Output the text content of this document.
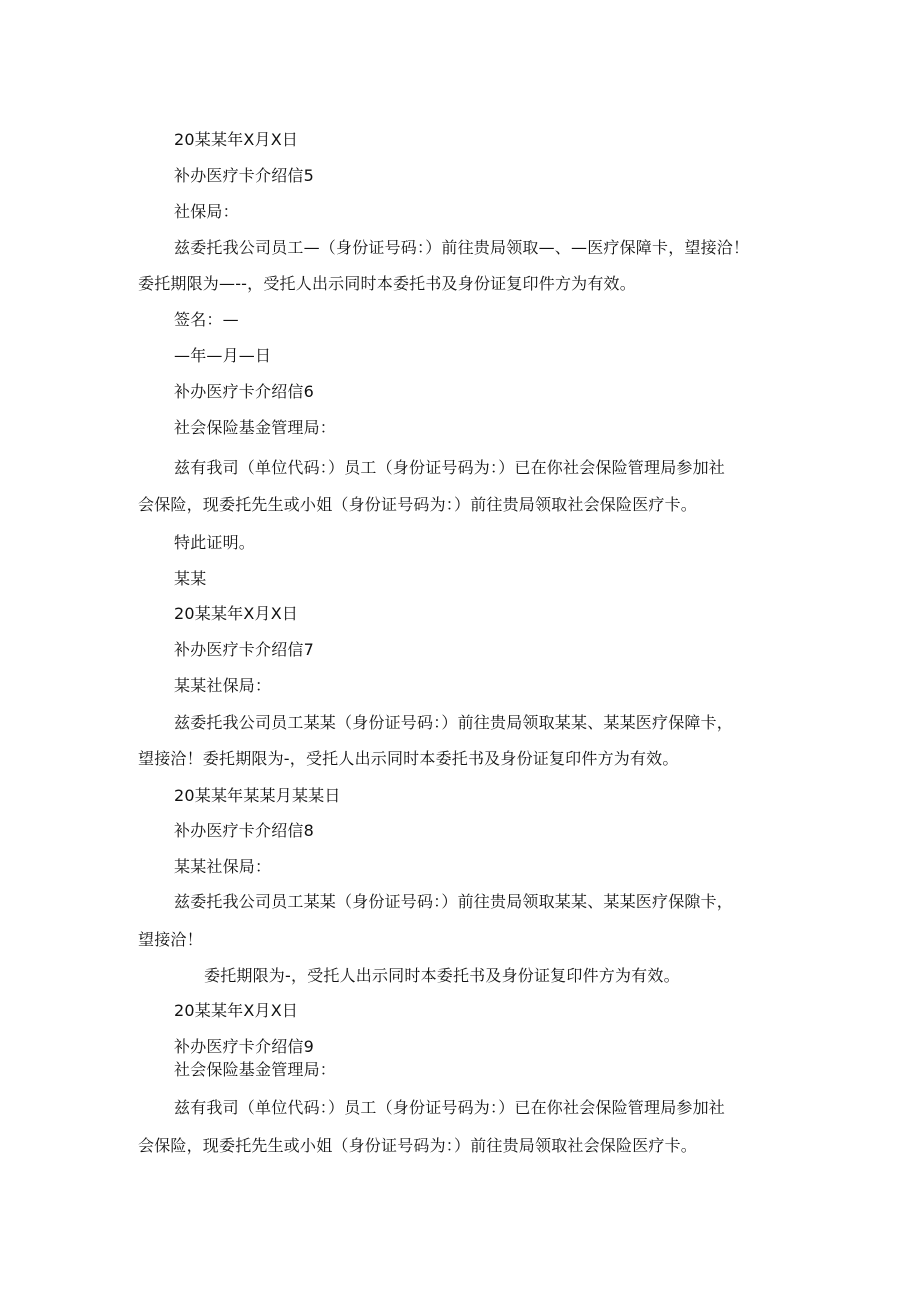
20某某年X月X日
补办医疗卡介绍信5
社保局：
兹委托我公司员工—（身份证号码：）前往贵局领取—、—医疗保障卡，望接洽！
委托期限为—--，受托人出示同时本委托书及身份证复印件方为有效。
签名：—
—年—月—日
补办医疗卡介绍信6
社会保险基金管理局：
兹有我司（单位代码：）员工（身份证号码为：）已在你社会保险管理局参加社
会保险，现委托先生或小姐（身份证号码为：）前往贵局领取社会保险医疗卡。
特此证明。
某某
20某某年X月X日
补办医疗卡介绍信7
某某社保局：
兹委托我公司员工某某（身份证号码：）前往贵局领取某某、某某医疗保障卡，
望接洽！委托期限为-，受托人出示同时本委托书及身份证复印件方为有效。
20某某年某某月某某日
补办医疗卡介绍信8
某某社保局：
兹委托我公司员工某某（身份证号码：）前往贵局领取某某、某某医疗保隙卡，
望接洽！
委托期限为-，受托人出示同时本委托书及身份证复印件方为有效。
20某某年X月X日
补办医疗卡介绍信9
社会保险基金管理局：
兹有我司（单位代码：）员工（身份证号码为：）已在你社会保险管理局参加社
会保险，现委托先生或小姐（身份证号码为：）前往贵局领取社会保险医疗卡。
